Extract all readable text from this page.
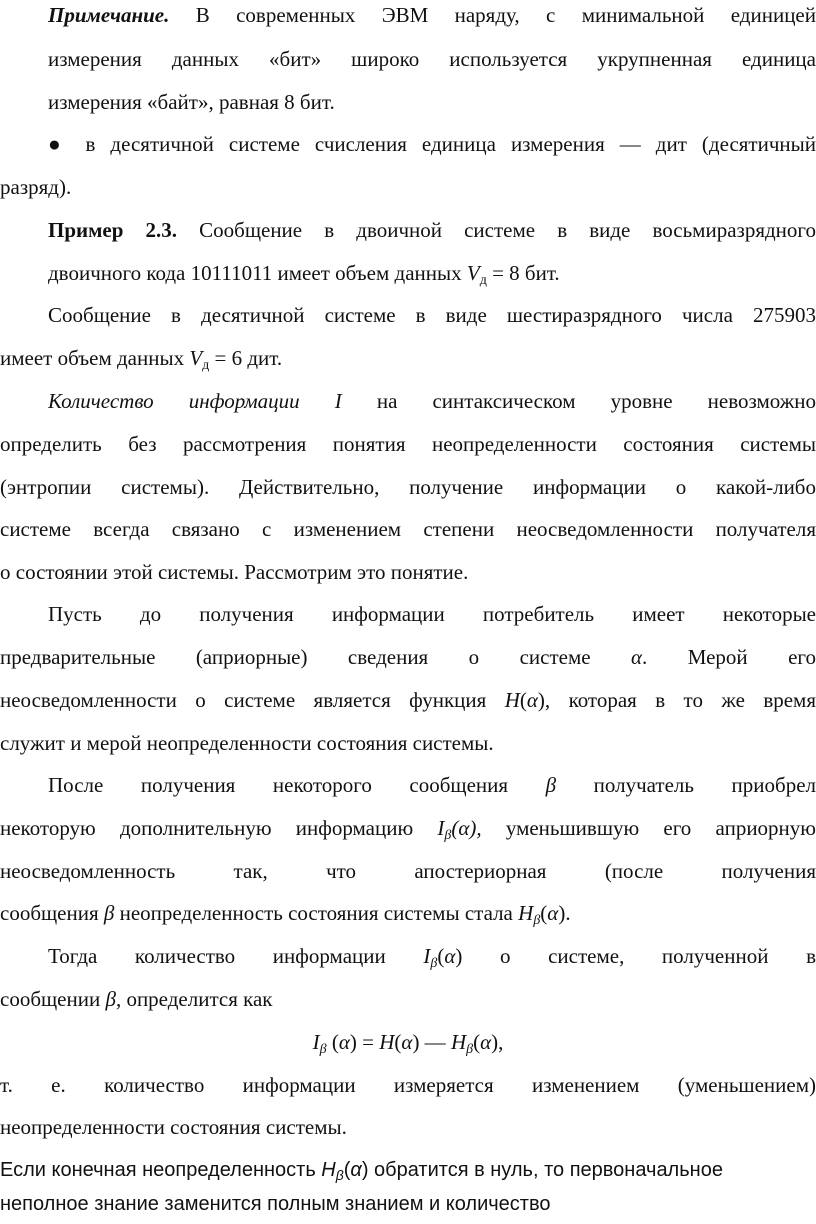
Примечание. В современных ЭВМ наряду, с минимальной единицей
измерения данных «бит» широко используется укрупненная единица
измерения «байт», равная 8 бит.
● в десятичной системе счисления единица измерения — дит (десятичный
разряд).
Пример 2.3. Сообщение в двоичной системе в виде восьмиразрядного
двоичного кода 10111011 имеет объем данных Vд = 8 бит.
Сообщение в десятичной системе в виде шестиразрядного числа 275903
имеет объем данных Vд = 6 дит.
Количество информации I на синтаксическом уровне невозможно
определить без рассмотрения понятия неопределенности состояния системы
(энтропии системы). Действительно, получение информации о какой-либо
системе всегда связано с изменением степени неосведомленности получателя
о состоянии этой системы. Рассмотрим это понятие.
Пусть до получения информации потребитель имеет некоторые
предварительные (априорные) сведения о системе α. Мерой его
неосведомленности о системе является функция H(α), которая в то же время
служит и мерой неопределенности состояния системы.
После получения некоторого сообщения β получатель приобрел
некоторую дополнительную информацию $I_\beta(\alpha)$, уменьшившую его априорную
неосведомленность так, что апостериорная (после получения
сообщения β неопределенность состояния системы стала $H_\beta(\alpha)$.
Тогда количество информации $I_\beta(\alpha)$ о системе, полученной в
сообщении β, определится как
$I_\beta$ (α) = H(α) — $H_\beta(\alpha)$,
т. е. количество информации измеряется изменением (уменьшением)
неопределенности состояния системы.
Если конечная неопределенность $H_\beta(\alpha)$ обратится в нуль, то первоначальное
неполное знание заменится полным знанием и количество
